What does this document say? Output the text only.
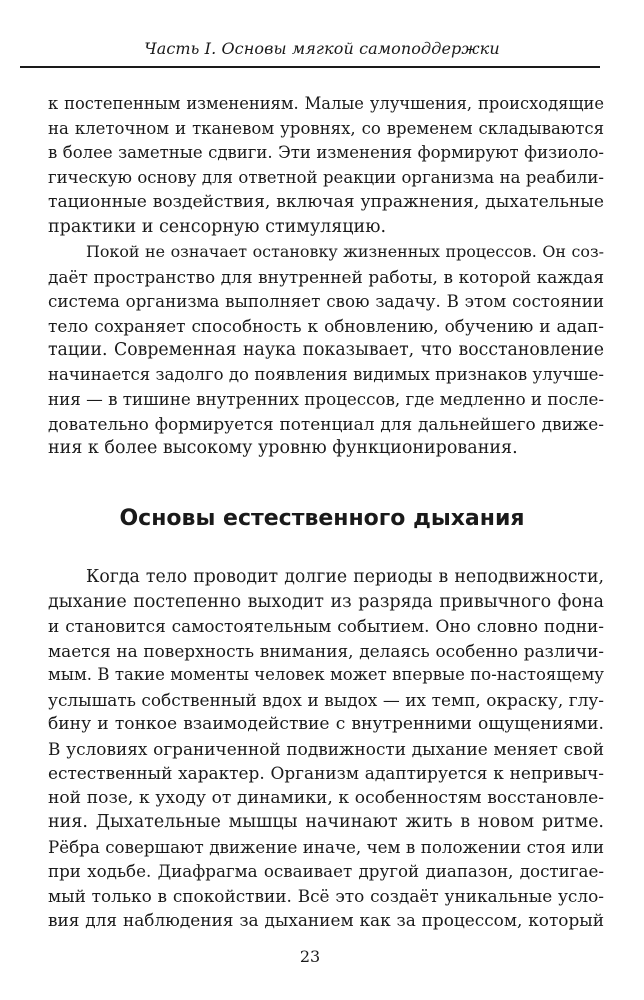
Часть I. Основы мягкой самоподдержки

к постепенным изменениям. Малые улучшения, происходящие
на клеточном и тканевом уровнях, со временем складываются
в более заметные сдвиги. Эти изменения формируют физиоло-
гическую основу для ответной реакции организма на реабили-
тационные воздействия, включая упражнения, дыхательные
практики и сенсорную стимуляцию.

Покой не означает остановку жизненных процессов. Он соз-
даёт пространство для внутренней работы, в которой каждая
система организма выполняет свою задачу. В этом состоянии
тело сохраняет способность к обновлению, обучению и адап-
тации. Современная наука показывает, что восстановление
начинается задолго до появления видимых признаков улучше-
ния — в тишине внутренних процессов, где медленно и после-
довательно формируется потенциал для дальнейшего движе-
ния к более высокому уровню функционирования.

Основы естественного дыхания

Когда тело проводит долгие периоды в неподвижности,
дыхание постепенно выходит из разряда привычного фона
и становится самостоятельным событием. Оно словно подни-
мается на поверхность внимания, делаясь особенно различи-
мым. В такие моменты человек может впервые по-настоящему
услышать собственный вдох и выдох — их темп, окраску, глу-
бину и тонкое взаимодействие с внутренними ощущениями.
В условиях ограниченной подвижности дыхание меняет свой
естественный характер. Организм адаптируется к непривыч-
ной позе, к уходу от динамики, к особенностям восстановле-
ния. Дыхательные мышцы начинают жить в новом ритме.
Рёбра совершают движение иначе, чем в положении стоя или
при ходьбе. Диафрагма осваивает другой диапазон, достигае-
мый только в спокойствии. Всё это создаёт уникальные усло-
вия для наблюдения за дыханием как за процессом, который

23
